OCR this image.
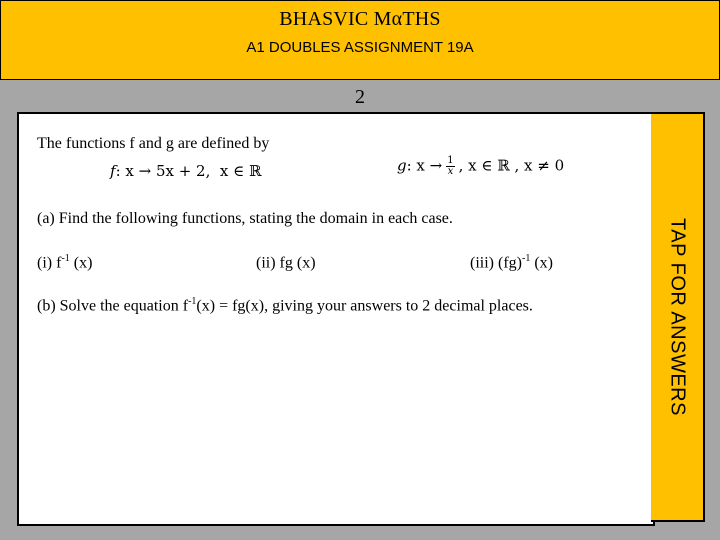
BHASVIC MαTHS
A1 DOUBLES ASSIGNMENT 19A
2
The functions f and g are defined by
f: x → 5x + 2, x ∈ ℝ	g: $x \to \frac{1}{x}$ , x ∈ ℝ , x ≠ 0
(a) Find the following functions, stating the domain in each case.
(i) $f^{-1}$ (x)	(ii) fg (x)	(iii) (fg)$^{-1}$ (x)
(b) Solve the equation $f^{-1}(x) = fg(x)$, giving your answers to 2 decimal places.	TAP FOR ANSWERS
